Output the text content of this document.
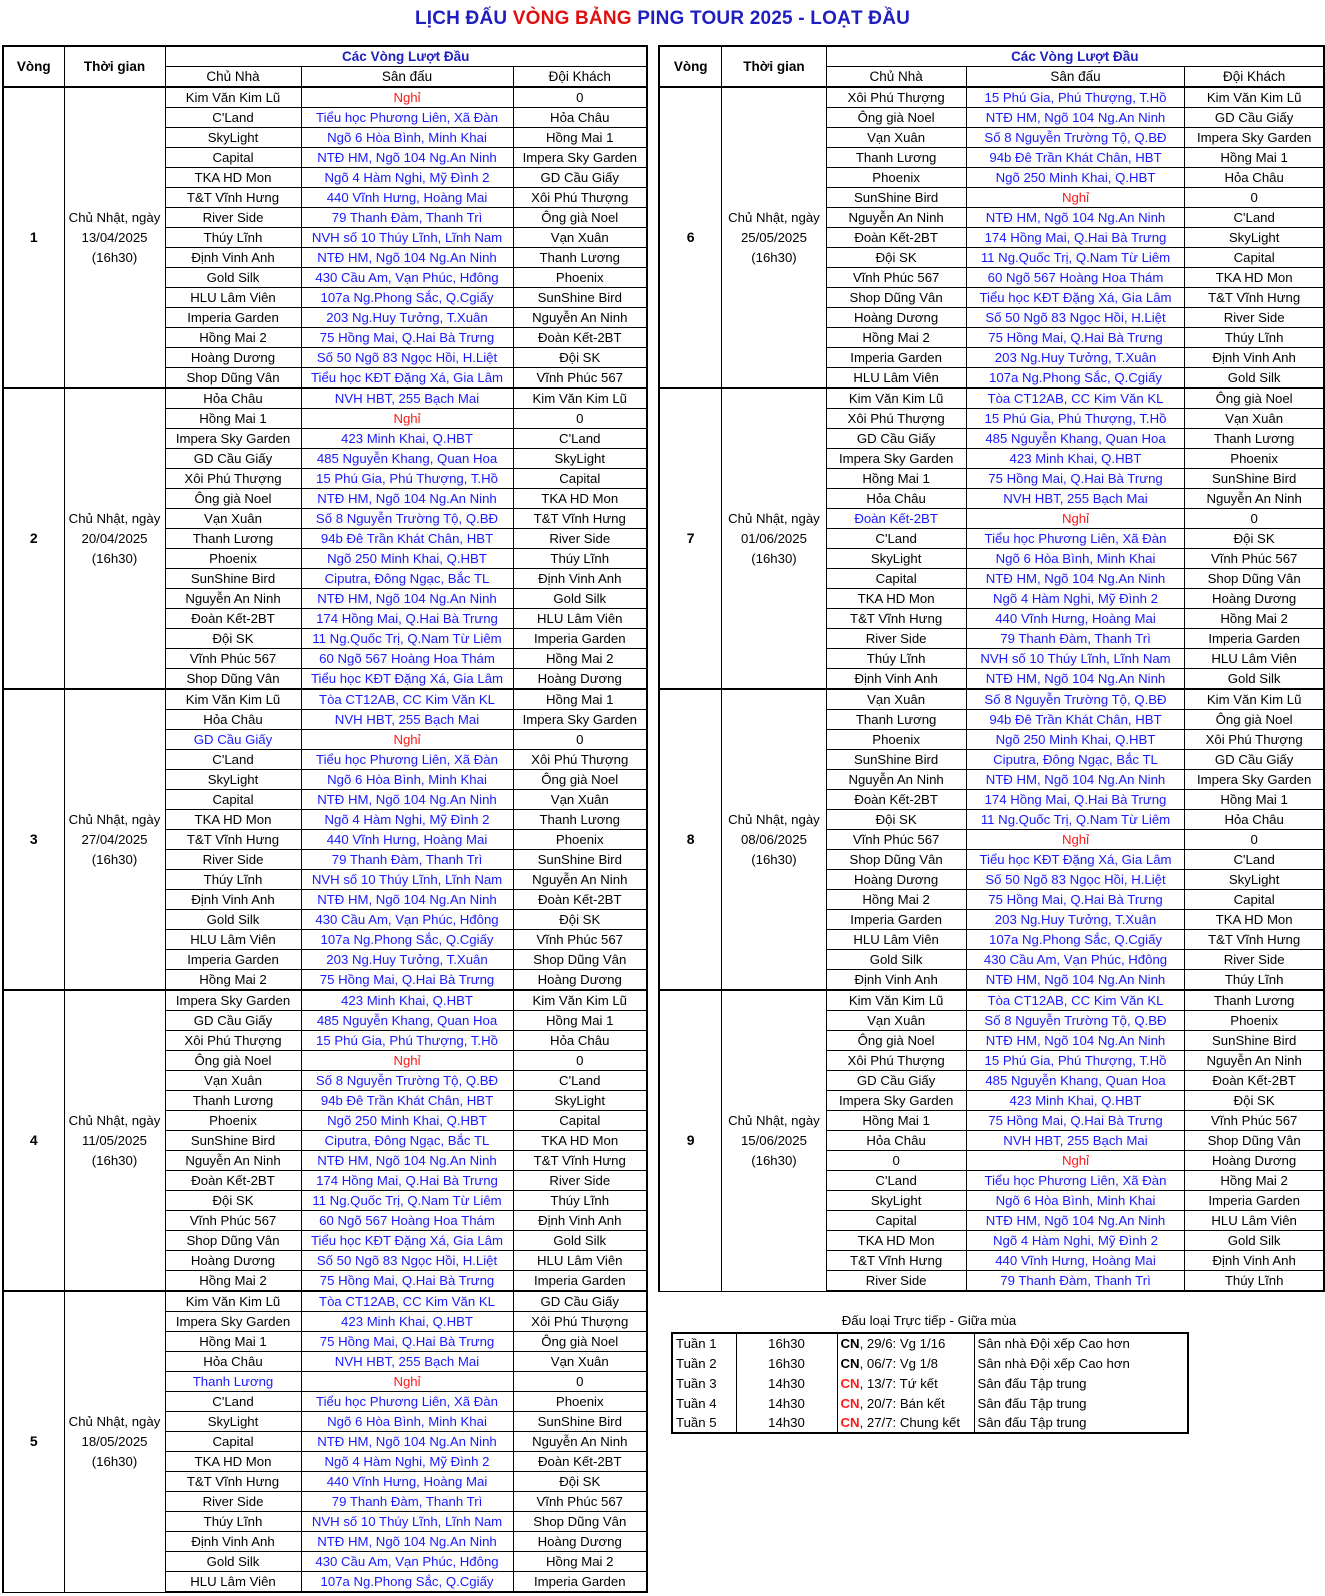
LỊCH ĐẤU VÒNG BẢNG PING TOUR 2025 - LOẠT ĐẦU
Vòng	Thời gian	Các Vòng Lượt Đầu		
		Chủ Nhà	Sân đấu	Đội Khách
1	Chủ Nhật, ngày 13/04/2025 (16h30)	Kim Văn Kim Lũ	Nghỉ	0
		C'Land	Tiểu học Phương Liên, Xã Đàn	Hỏa Châu
		SkyLight	Ngõ 6 Hòa Bình, Minh Khai	Hồng Mai 1
		Capital	NTĐ HM, Ngõ 104 Ng.An Ninh	Impera Sky Garden
		TKA HD Mon	Ngõ 4 Hàm Nghi, Mỹ Đình 2	GD Cầu Giấy
		T&T Vĩnh Hưng	440 Vĩnh Hưng, Hoàng Mai	Xôi Phú Thượng
		River Side	79 Thanh Đàm, Thanh Trì	Ông già Noel
		Thúy Lĩnh	NVH số 10 Thúy Lĩnh, Lĩnh Nam	Vạn Xuân
		Định Vinh Anh	NTĐ HM, Ngõ 104 Ng.An Ninh	Thanh Lương
		Gold Silk	430 Cầu Am, Vạn Phúc, Hđông	Phoenix
		HLU Lâm Viên	107a Ng.Phong Sắc, Q.Cgiấy	SunShine Bird
		Imperia Garden	203 Ng.Huy Tưởng, T.Xuân	Nguyễn An Ninh
		Hồng Mai 2	75 Hồng Mai, Q.Hai Bà Trưng	Đoàn Kết-2BT
		Hoàng Dương	Số 50 Ngõ 83 Ngọc Hồi, H.Liệt	Đội SK
		Shop Dũng Vân	Tiểu học KĐT Đặng Xá, Gia Lâm	Vĩnh Phúc 567
2	Chủ Nhật, ngày 20/04/2025 (16h30)	Hỏa Châu	NVH HBT, 255 Bạch Mai	Kim Văn Kim Lũ
		Hồng Mai 1	Nghỉ	0
		Impera Sky Garden	423 Minh Khai, Q.HBT	C'Land
		GD Cầu Giấy	485 Nguyễn Khang, Quan Hoa	SkyLight
		Xôi Phú Thượng	15 Phú Gia, Phú Thượng, T.Hồ	Capital
		Ông già Noel	NTĐ HM, Ngõ 104 Ng.An Ninh	TKA HD Mon
		Vạn Xuân	Số 8 Nguyễn Trường Tộ, Q.BĐ	T&T Vĩnh Hưng
		Thanh Lương	94b Đê Trần Khát Chân, HBT	River Side
		Phoenix	Ngõ 250 Minh Khai, Q.HBT	Thúy Lĩnh
		SunShine Bird	Ciputra, Đông Ngạc, Bắc TL	Định Vinh Anh
		Nguyễn An Ninh	NTĐ HM, Ngõ 104 Ng.An Ninh	Gold Silk
		Đoàn Kết-2BT	174 Hồng Mai, Q.Hai Bà Trưng	HLU Lâm Viên
		Đội SK	11 Ng.Quốc Trị, Q.Nam Từ Liêm	Imperia Garden
		Vĩnh Phúc 567	60 Ngõ 567 Hoàng Hoa Thám	Hồng Mai 2
		Shop Dũng Vân	Tiểu học KĐT Đặng Xá, Gia Lâm	Hoàng Dương
3	Chủ Nhật, ngày 27/04/2025 (16h30)	Kim Văn Kim Lũ	Tòa CT12AB, CC Kim Văn KL	Hồng Mai 1
		Hỏa Châu	NVH HBT, 255 Bạch Mai	Impera Sky Garden
		GD Cầu Giấy	Nghỉ	0
		C'Land	Tiểu học Phương Liên, Xã Đàn	Xôi Phú Thượng
		SkyLight	Ngõ 6 Hòa Bình, Minh Khai	Ông già Noel
		Capital	NTĐ HM, Ngõ 104 Ng.An Ninh	Vạn Xuân
		TKA HD Mon	Ngõ 4 Hàm Nghi, Mỹ Đình 2	Thanh Lương
		T&T Vĩnh Hưng	440 Vĩnh Hưng, Hoàng Mai	Phoenix
		River Side	79 Thanh Đàm, Thanh Trì	SunShine Bird
		Thúy Lĩnh	NVH số 10 Thúy Lĩnh, Lĩnh Nam	Nguyễn An Ninh
		Định Vinh Anh	NTĐ HM, Ngõ 104 Ng.An Ninh	Đoàn Kết-2BT
		Gold Silk	430 Cầu Am, Vạn Phúc, Hđông	Đội SK
		HLU Lâm Viên	107a Ng.Phong Sắc, Q.Cgiấy	Vĩnh Phúc 567
		Imperia Garden	203 Ng.Huy Tưởng, T.Xuân	Shop Dũng Vân
		Hồng Mai 2	75 Hồng Mai, Q.Hai Bà Trưng	Hoàng Dương
4	Chủ Nhật, ngày 11/05/2025 (16h30)	Impera Sky Garden	423 Minh Khai, Q.HBT	Kim Văn Kim Lũ
		GD Cầu Giấy	485 Nguyễn Khang, Quan Hoa	Hồng Mai 1
		Xôi Phú Thượng	15 Phú Gia, Phú Thượng, T.Hồ	Hỏa Châu
		Ông già Noel	Nghỉ	0
		Vạn Xuân	Số 8 Nguyễn Trường Tộ, Q.BĐ	C'Land
		Thanh Lương	94b Đê Trần Khát Chân, HBT	SkyLight
		Phoenix	Ngõ 250 Minh Khai, Q.HBT	Capital
		SunShine Bird	Ciputra, Đông Ngạc, Bắc TL	TKA HD Mon
		Nguyễn An Ninh	NTĐ HM, Ngõ 104 Ng.An Ninh	T&T Vĩnh Hưng
		Đoàn Kết-2BT	174 Hồng Mai, Q.Hai Bà Trưng	River Side
		Đội SK	11 Ng.Quốc Trị, Q.Nam Từ Liêm	Thúy Lĩnh
		Vĩnh Phúc 567	60 Ngõ 567 Hoàng Hoa Thám	Định Vinh Anh
		Shop Dũng Vân	Tiểu học KĐT Đặng Xá, Gia Lâm	Gold Silk
		Hoàng Dương	Số 50 Ngõ 83 Ngọc Hồi, H.Liệt	HLU Lâm Viên
		Hồng Mai 2	75 Hồng Mai, Q.Hai Bà Trưng	Imperia Garden
5	Chủ Nhật, ngày 18/05/2025 (16h30)	Kim Văn Kim Lũ	Tòa CT12AB, CC Kim Văn KL	GD Cầu Giấy
		Impera Sky Garden	423 Minh Khai, Q.HBT	Xôi Phú Thượng
		Hồng Mai 1	75 Hồng Mai, Q.Hai Bà Trưng	Ông già Noel
		Hỏa Châu	NVH HBT, 255 Bạch Mai	Vạn Xuân
		Thanh Lương	Nghỉ	0
		C'Land	Tiểu học Phương Liên, Xã Đàn	Phoenix
		SkyLight	Ngõ 6 Hòa Bình, Minh Khai	SunShine Bird
		Capital	NTĐ HM, Ngõ 104 Ng.An Ninh	Nguyễn An Ninh
		TKA HD Mon	Ngõ 4 Hàm Nghi, Mỹ Đình 2	Đoàn Kết-2BT
		T&T Vĩnh Hưng	440 Vĩnh Hưng, Hoàng Mai	Đội SK
		River Side	79 Thanh Đàm, Thanh Trì	Vĩnh Phúc 567
		Thúy Lĩnh	NVH số 10 Thúy Lĩnh, Lĩnh Nam	Shop Dũng Vân
		Định Vinh Anh	NTĐ HM, Ngõ 104 Ng.An Ninh	Hoàng Dương
		Gold Silk	430 Cầu Am, Vạn Phúc, Hđông	Hồng Mai 2
		HLU Lâm Viên	107a Ng.Phong Sắc, Q.Cgiấy	Imperia Garden
Vòng	Thời gian	Các Vòng Lượt Đầu		
		Chủ Nhà	Sân đấu	Đội Khách
6	Chủ Nhật, ngày 25/05/2025 (16h30)	Xôi Phú Thượng	15 Phú Gia, Phú Thượng, T.Hồ	Kim Văn Kim Lũ
		Ông già Noel	NTĐ HM, Ngõ 104 Ng.An Ninh	GD Cầu Giấy
		Vạn Xuân	Số 8 Nguyễn Trường Tộ, Q.BĐ	Impera Sky Garden
		Thanh Lương	94b Đê Trần Khát Chân, HBT	Hồng Mai 1
		Phoenix	Ngõ 250 Minh Khai, Q.HBT	Hỏa Châu
		SunShine Bird	Nghỉ	0
		Nguyễn An Ninh	NTĐ HM, Ngõ 104 Ng.An Ninh	C'Land
		Đoàn Kết-2BT	174 Hồng Mai, Q.Hai Bà Trưng	SkyLight
		Đội SK	11 Ng.Quốc Trị, Q.Nam Từ Liêm	Capital
		Vĩnh Phúc 567	60 Ngõ 567 Hoàng Hoa Thám	TKA HD Mon
		Shop Dũng Vân	Tiểu học KĐT Đặng Xá, Gia Lâm	T&T Vĩnh Hưng
		Hoàng Dương	Số 50 Ngõ 83 Ngọc Hồi, H.Liệt	River Side
		Hồng Mai 2	75 Hồng Mai, Q.Hai Bà Trưng	Thúy Lĩnh
		Imperia Garden	203 Ng.Huy Tưởng, T.Xuân	Định Vinh Anh
		HLU Lâm Viên	107a Ng.Phong Sắc, Q.Cgiấy	Gold Silk
7	Chủ Nhật, ngày 01/06/2025 (16h30)	Kim Văn Kim Lũ	Tòa CT12AB, CC Kim Văn KL	Ông già Noel
		Xôi Phú Thượng	15 Phú Gia, Phú Thượng, T.Hồ	Vạn Xuân
		GD Cầu Giấy	485 Nguyễn Khang, Quan Hoa	Thanh Lương
		Impera Sky Garden	423 Minh Khai, Q.HBT	Phoenix
		Hồng Mai 1	75 Hồng Mai, Q.Hai Bà Trưng	SunShine Bird
		Hỏa Châu	NVH HBT, 255 Bạch Mai	Nguyễn An Ninh
		Đoàn Kết-2BT	Nghỉ	0
		C'Land	Tiểu học Phương Liên, Xã Đàn	Đội SK
		SkyLight	Ngõ 6 Hòa Bình, Minh Khai	Vĩnh Phúc 567
		Capital	NTĐ HM, Ngõ 104 Ng.An Ninh	Shop Dũng Vân
		TKA HD Mon	Ngõ 4 Hàm Nghi, Mỹ Đình 2	Hoàng Dương
		T&T Vĩnh Hưng	440 Vĩnh Hưng, Hoàng Mai	Hồng Mai 2
		River Side	79 Thanh Đàm, Thanh Trì	Imperia Garden
		Thúy Lĩnh	NVH số 10 Thúy Lĩnh, Lĩnh Nam	HLU Lâm Viên
		Định Vinh Anh	NTĐ HM, Ngõ 104 Ng.An Ninh	Gold Silk
8	Chủ Nhật, ngày 08/06/2025 (16h30)	Vạn Xuân	Số 8 Nguyễn Trường Tộ, Q.BĐ	Kim Văn Kim Lũ
		Thanh Lương	94b Đê Trần Khát Chân, HBT	Ông già Noel
		Phoenix	Ngõ 250 Minh Khai, Q.HBT	Xôi Phú Thượng
		SunShine Bird	Ciputra, Đông Ngạc, Bắc TL	GD Cầu Giấy
		Nguyễn An Ninh	NTĐ HM, Ngõ 104 Ng.An Ninh	Impera Sky Garden
		Đoàn Kết-2BT	174 Hồng Mai, Q.Hai Bà Trưng	Hồng Mai 1
		Đội SK	11 Ng.Quốc Trị, Q.Nam Từ Liêm	Hỏa Châu
		Vĩnh Phúc 567	Nghỉ	0
		Shop Dũng Vân	Tiểu học KĐT Đặng Xá, Gia Lâm	C'Land
		Hoàng Dương	Số 50 Ngõ 83 Ngọc Hồi, H.Liệt	SkyLight
		Hồng Mai 2	75 Hồng Mai, Q.Hai Bà Trưng	Capital
		Imperia Garden	203 Ng.Huy Tưởng, T.Xuân	TKA HD Mon
		HLU Lâm Viên	107a Ng.Phong Sắc, Q.Cgiấy	T&T Vĩnh Hưng
		Gold Silk	430 Cầu Am, Vạn Phúc, Hđông	River Side
		Định Vinh Anh	NTĐ HM, Ngõ 104 Ng.An Ninh	Thúy Lĩnh
9	Chủ Nhật, ngày 15/06/2025 (16h30)	Kim Văn Kim Lũ	Tòa CT12AB, CC Kim Văn KL	Thanh Lương
		Vạn Xuân	Số 8 Nguyễn Trường Tộ, Q.BĐ	Phoenix
		Ông già Noel	NTĐ HM, Ngõ 104 Ng.An Ninh	SunShine Bird
		Xôi Phú Thượng	15 Phú Gia, Phú Thượng, T.Hồ	Nguyễn An Ninh
		GD Cầu Giấy	485 Nguyễn Khang, Quan Hoa	Đoàn Kết-2BT
		Impera Sky Garden	423 Minh Khai, Q.HBT	Đội SK
		Hồng Mai 1	75 Hồng Mai, Q.Hai Bà Trưng	Vĩnh Phúc 567
		Hỏa Châu	NVH HBT, 255 Bạch Mai	Shop Dũng Vân
		0	Nghỉ	Hoàng Dương
		C'Land	Tiểu học Phương Liên, Xã Đàn	Hồng Mai 2
		SkyLight	Ngõ 6 Hòa Bình, Minh Khai	Imperia Garden
		Capital	NTĐ HM, Ngõ 104 Ng.An Ninh	HLU Lâm Viên
		TKA HD Mon	Ngõ 4 Hàm Nghi, Mỹ Đình 2	Gold Silk
		T&T Vĩnh Hưng	440 Vĩnh Hưng, Hoàng Mai	Định Vinh Anh
		River Side	79 Thanh Đàm, Thanh Trì	Thúy Lĩnh
Đấu loại Trực tiếp - Giữa mùa
Tuần 1	16h30	CN, 29/6: Vg 1/16	Sân nhà Đội xếp Cao hơn
Tuần 2	16h30	CN, 06/7: Vg 1/8	Sân nhà Đội xếp Cao hơn
Tuần 3	14h30	CN, 13/7: Tứ kết	Sân đấu Tập trung
Tuần 4	14h30	CN, 20/7: Bán kết	Sân đấu Tập trung
Tuần 5	14h30	CN, 27/7: Chung kết	Sân đấu Tập trung
